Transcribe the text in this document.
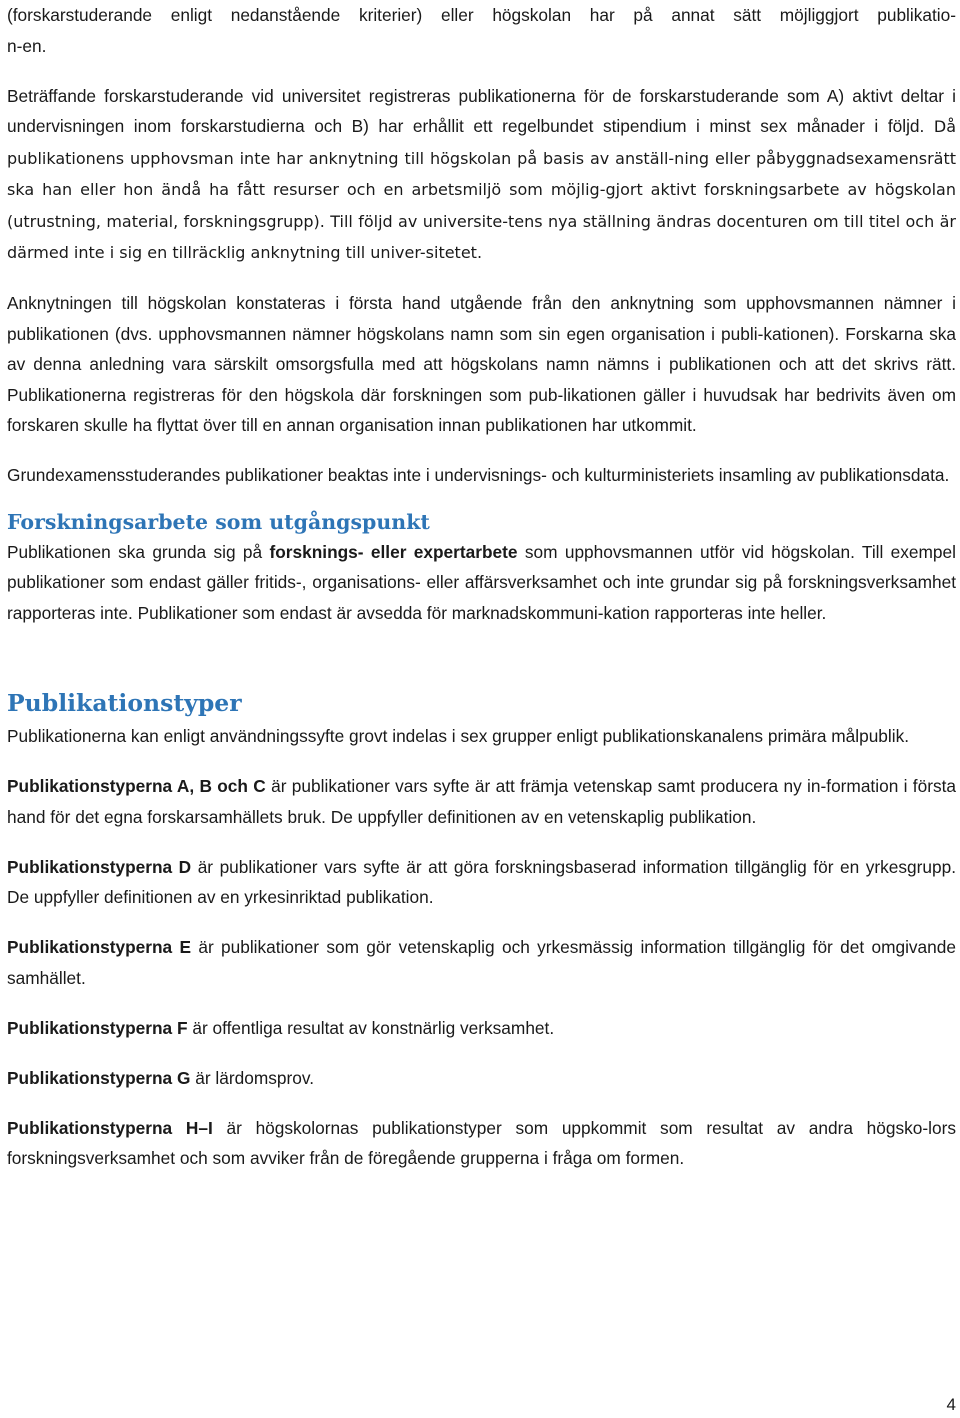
(forskarstuderande enligt nedanstående kriterier) eller högskolan har på annat sätt möjliggjort publikatio-
n-en.

Beträffande forskarstuderande vid universitet registreras publikationerna för de forskarstuderande som A) aktivt deltar i undervisningen inom forskarstudierna och B) har erhållit ett regelbundet stipendium i minst sex månader i följd. Då publikationens upphovsman inte har anknytning till högskolan på basis av anställ-ning eller påbyggnadsexamensrätt ska han eller hon ändå ha fått resurser och en arbetsmiljö som möjlig-gjort aktivt forskningsarbete av högskolan (utrustning, material, forskningsgrupp). Till följd av universite-tens nya ställning ändras docenturen om till titel och är därmed inte i sig en tillräcklig anknytning till univer-sitetet.

Anknytningen till högskolan konstateras i första hand utgående från den anknytning som upphovsmannen nämner i publikationen (dvs. upphovsmannen nämner högskolans namn som sin egen organisation i publi-kationen). Forskarna ska av denna anledning vara särskilt omsorgsfulla med att högskolans namn nämns i publikationen och att det skrivs rätt. Publikationerna registreras för den högskola där forskningen som pub-likationen gäller i huvudsak har bedrivits även om forskaren skulle ha flyttat över till en annan organisation innan publikationen har utkommit.

Grundexamensstuderandes publikationer beaktas inte i undervisnings- och kulturministeriets insamling av publikationsdata.

Forskningsarbete som utgångspunkt

Publikationen ska grunda sig på forsknings- eller expertarbete som upphovsmannen utför vid högskolan. Till exempel publikationer som endast gäller fritids-, organisations- eller affärsverksamhet och inte grundar sig på forskningsverksamhet rapporteras inte. Publikationer som endast är avsedda för marknadskommuni-kation rapporteras inte heller.

Publikationstyper

Publikationerna kan enligt användningssyfte grovt indelas i sex grupper enligt publikationskanalens primära målpublik.

Publikationstyperna A, B och C är publikationer vars syfte är att främja vetenskap samt producera ny in-formation i första hand för det egna forskarsamhällets bruk. De uppfyller definitionen av en vetenskaplig publikation.

Publikationstyperna D är publikationer vars syfte är att göra forskningsbaserad information tillgänglig för en yrkesgrupp. De uppfyller definitionen av en yrkesinriktad publikation.

Publikationstyperna E är publikationer som gör vetenskaplig och yrkesmässig information tillgänglig för det omgivande samhället.

Publikationstyperna F är offentliga resultat av konstnärlig verksamhet.

Publikationstyperna G är lärdomsprov.

Publikationstyperna H–I är högskolornas publikationstyper som uppkommit som resultat av andra högsko-lors forskningsverksamhet och som avviker från de föregående grupperna i fråga om formen.

4
